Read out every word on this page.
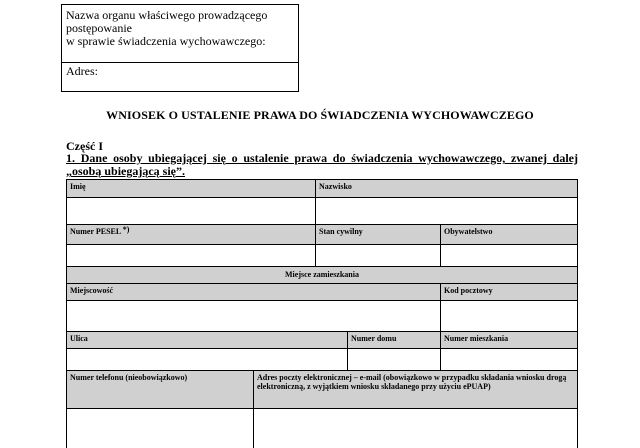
Nazwa organu właściwego prowadzącego
postępowanie
w sprawie świadczenia wychowawczego:
Adres:
WNIOSEK O USTALENIE PRAWA DO ŚWIADCZENIA WYCHOWAWCZEGO
Część I
1. Dane osoby ubiegającej się o ustalenie prawa do świadczenia wychowawczego, zwanej dalej „osobą ubiegającą się”.
Imię	Nazwisko
Numer PESEL *)	Stan cywilny	Obywatelstwo
Miejsce zamieszkania
Miejscowość	Kod pocztowy
Ulica	Numer domu	Numer mieszkania
Numer telefonu (nieobowiązkowo)	Adres poczty elektronicznej – e-mail (obowiązkowo w przypadku składania wniosku drogą elektroniczną, z wyjątkiem wniosku składanego przy użyciu ePUAP)
